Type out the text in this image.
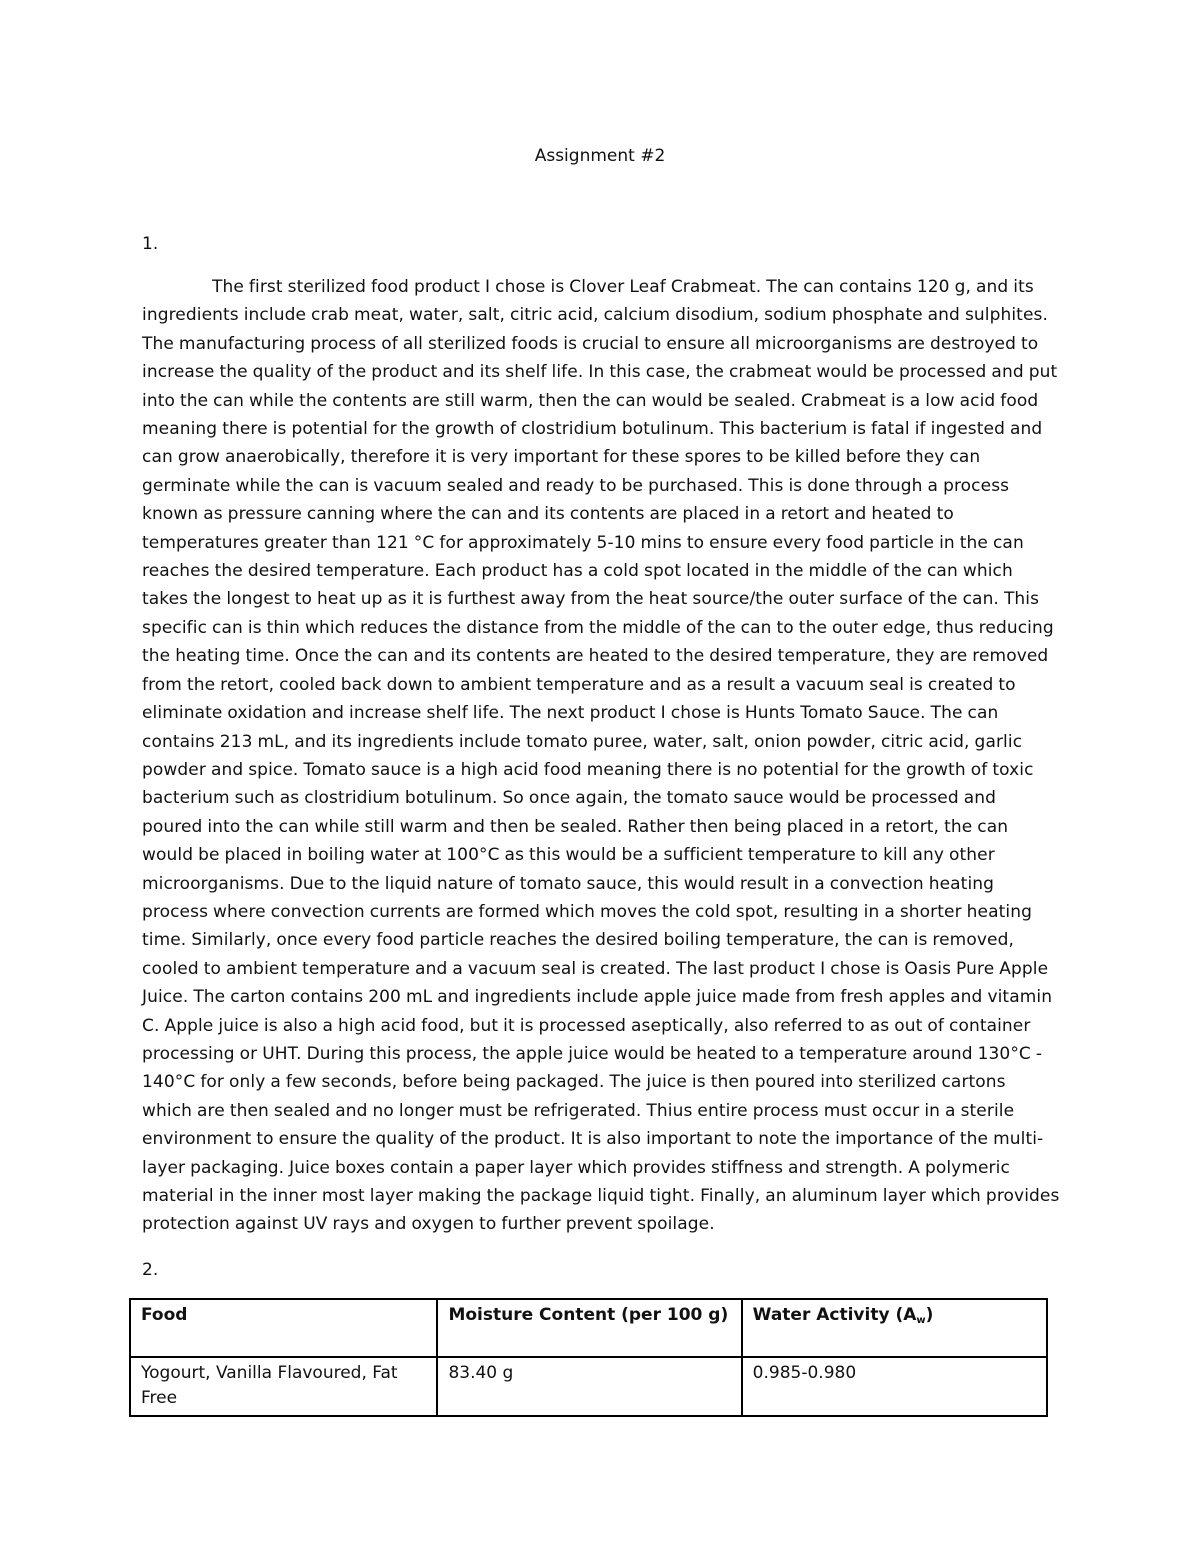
Assignment #2
1.

The first sterilized food product I chose is Clover Leaf Crabmeat. The can contains 120 g, and its ingredients include crab meat, water, salt, citric acid, calcium disodium, sodium phosphate and sulphites. The manufacturing process of all sterilized foods is crucial to ensure all microorganisms are destroyed to increase the quality of the product and its shelf life. In this case, the crabmeat would be processed and put into the can while the contents are still warm, then the can would be sealed. Crabmeat is a low acid food meaning there is potential for the growth of clostridium botulinum. This bacterium is fatal if ingested and can grow anaerobically, therefore it is very important for these spores to be killed before they can germinate while the can is vacuum sealed and ready to be purchased. This is done through a process known as pressure canning where the can and its contents are placed in a retort and heated to temperatures greater than 121 °C for approximately 5-10 mins to ensure every food particle in the can reaches the desired temperature. Each product has a cold spot located in the middle of the can which takes the longest to heat up as it is furthest away from the heat source/the outer surface of the can. This specific can is thin which reduces the distance from the middle of the can to the outer edge, thus reducing the heating time. Once the can and its contents are heated to the desired temperature, they are removed from the retort, cooled back down to ambient temperature and as a result a vacuum seal is created to eliminate oxidation and increase shelf life. The next product I chose is Hunts Tomato Sauce. The can contains 213 mL, and its ingredients include tomato puree, water, salt, onion powder, citric acid, garlic powder and spice. Tomato sauce is a high acid food meaning there is no potential for the growth of toxic bacterium such as clostridium botulinum. So once again, the tomato sauce would be processed and poured into the can while still warm and then be sealed. Rather then being placed in a retort, the can would be placed in boiling water at 100°C as this would be a sufficient temperature to kill any other microorganisms. Due to the liquid nature of tomato sauce, this would result in a convection heating process where convection currents are formed which moves the cold spot, resulting in a shorter heating time. Similarly, once every food particle reaches the desired boiling temperature, the can is removed, cooled to ambient temperature and a vacuum seal is created. The last product I chose is Oasis Pure Apple Juice. The carton contains 200 mL and ingredients include apple juice made from fresh apples and vitamin C. Apple juice is also a high acid food, but it is processed aseptically, also referred to as out of container processing or UHT. During this process, the apple juice would be heated to a temperature around 130°C - 140°C for only a few seconds, before being packaged. The juice is then poured into sterilized cartons which are then sealed and no longer must be refrigerated. Thius entire process must occur in a sterile environment to ensure the quality of the product. It is also important to note the importance of the multi-layer packaging. Juice boxes contain a paper layer which provides stiffness and strength. A polymeric material in the inner most layer making the package liquid tight. Finally, an aluminum layer which provides protection against UV rays and oxygen to further prevent spoilage.

2.
Food	Moisture Content (per 100 g)	Water Activity $(A_w)$
Yogourt, Vanilla Flavoured, Fat Free	83.40 g	0.985-0.980
